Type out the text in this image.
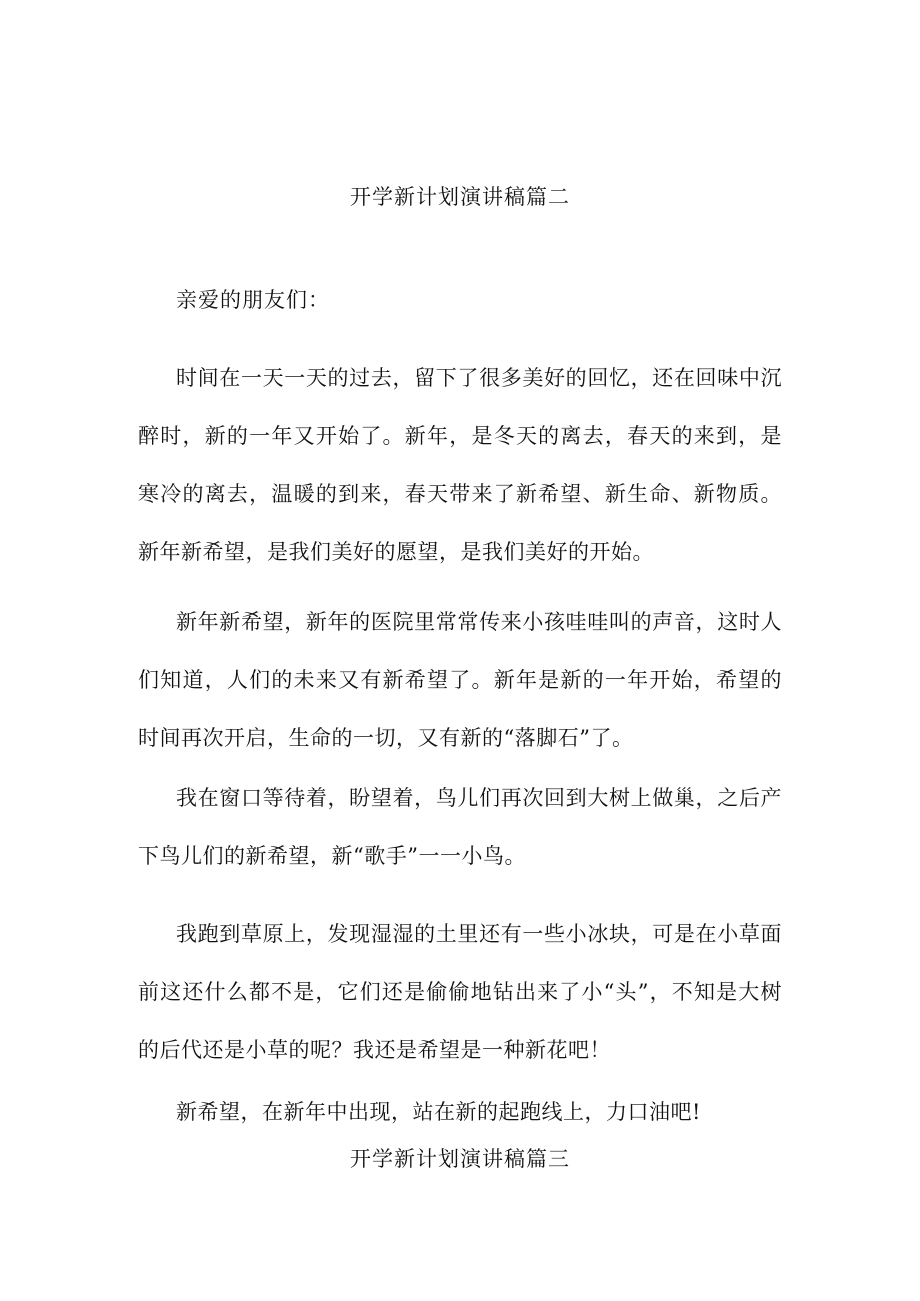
开学新计划演讲稿篇二
亲爱的朋友们：
时间在一天一天的过去，留下了很多美好的回忆，还在回味中沉醉时，新的一年又开始了。新年，是冬天的离去，春天的来到，是寒冷的离去，温暖的到来，春天带来了新希望、新生命、新物质。新年新希望，是我们美好的愿望，是我们美好的开始。
新年新希望，新年的医院里常常传来小孩哇哇叫的声音，这时人们知道，人们的未来又有新希望了。新年是新的一年开始，希望的时间再次开启，生命的一切，又有新的“落脚石”了。
我在窗口等待着，盼望着，鸟儿们再次回到大树上做巢，之后产下鸟儿们的新希望，新“歌手”一一小鸟。
我跑到草原上，发现湿湿的土里还有一些小冰块，可是在小草面前这还什么都不是，它们还是偷偷地钻出来了小“头”，不知是大树的后代还是小草的呢？我还是希望是一种新花吧！
新希望，在新年中出现，站在新的起跑线上，力口油吧!
开学新计划演讲稿篇三
